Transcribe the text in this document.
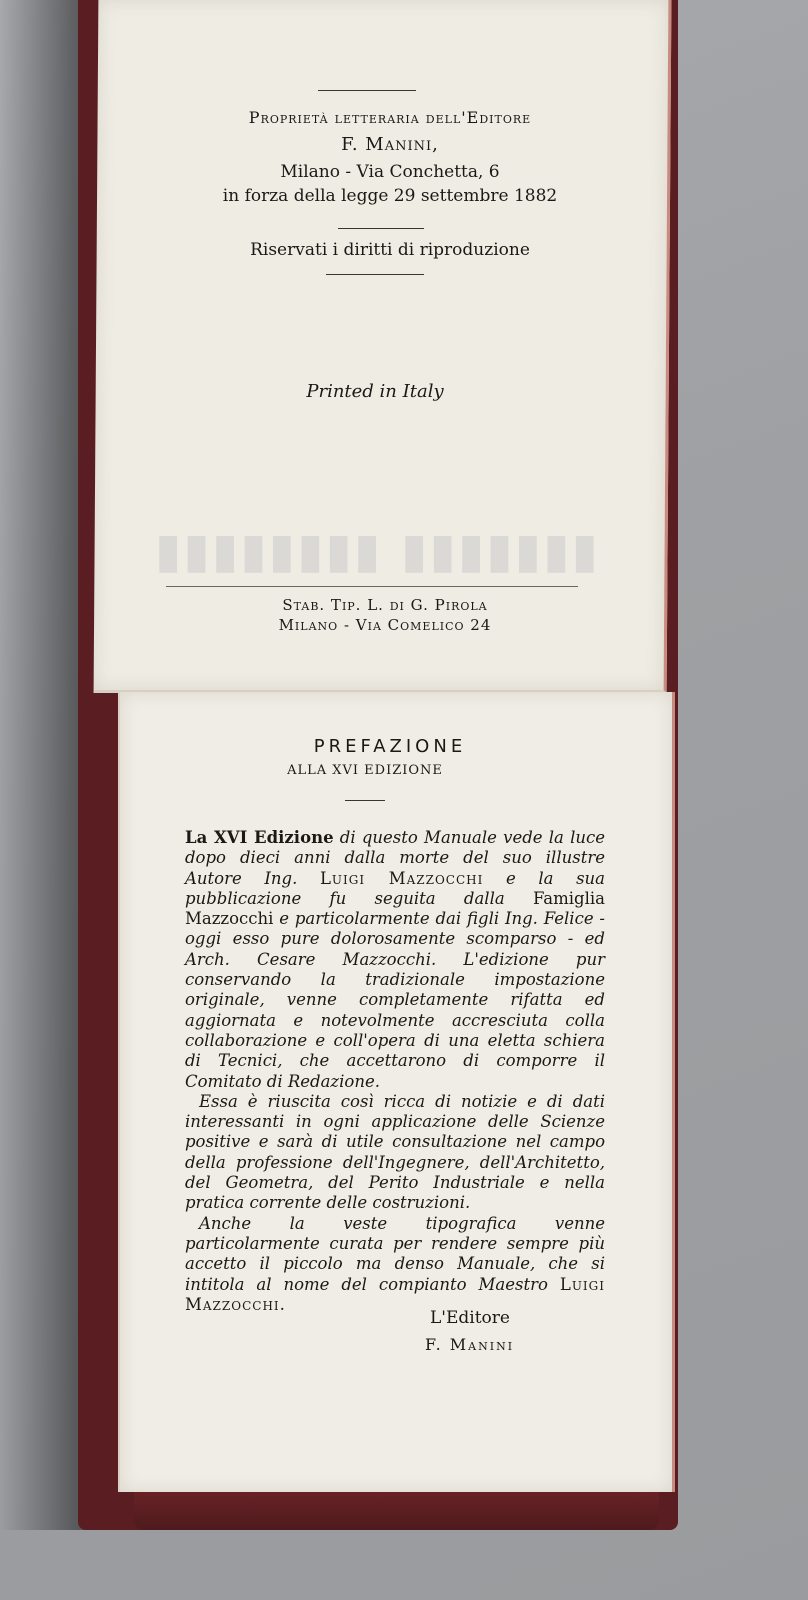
▮▮▮▮▮▮▮▮ ▮▮▮▮▮▮▮
Proprietà letteraria dell'Editore
F. Manini,
Milano - Via Conchetta, 6
in forza della legge 29 settembre 1882
Riservati i diritti di riproduzione
Printed in Italy
Stab. Tip. L. di G. Pirola
Milano - Via Comelico 24
PREFAZIONE
ALLA XVI EDIZIONE

La XVI Edizione di questo Manuale vede la luce dopo dieci anni dalla morte del suo illustre Autore Ing. Luigi Mazzocchi e la sua pubblicazione fu seguita dalla Famiglia Mazzocchi e particolarmente dai figli Ing. Felice - oggi esso pure dolorosamente scomparso - ed Arch. Cesare Mazzocchi. L'edizione pur conservando la tradizionale impostazione originale, venne completamente rifatta ed aggiornata e notevolmente accresciuta colla collaborazione e coll'opera di una eletta schiera di Tecnici, che accettarono di comporre il Comitato di Redazione.

Essa è riuscita così ricca di notizie e di dati interessanti in ogni applicazione delle Scienze positive e sarà di utile consultazione nel campo della professione dell'Ingegnere, dell'Architetto, del Geometra, del Perito Industriale e nella pratica corrente delle costruzioni.

Anche la veste tipografica venne particolarmente curata per rendere sempre più accetto il piccolo ma denso Manuale, che si intitola al nome del compianto Maestro Luigi Mazzocchi.

L'Editore
F. Manini
